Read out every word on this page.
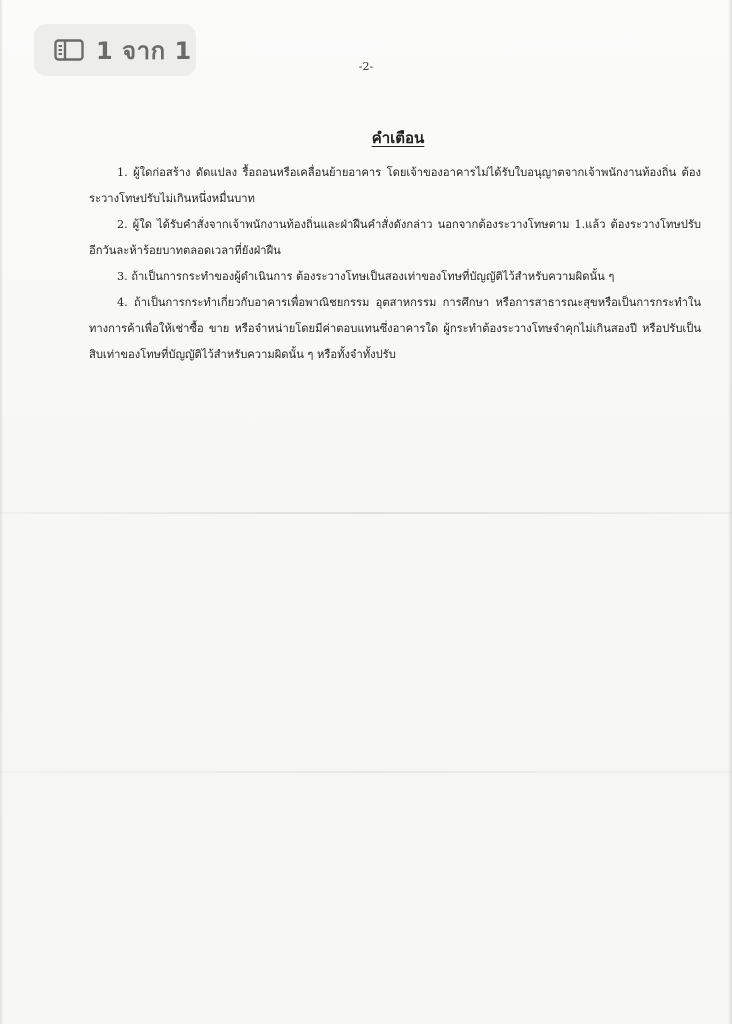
-2-
คำเตือน

1. ผู้ใดก่อสร้าง ดัดแปลง รื้อถอนหรือเคลื่อนย้ายอาคาร โดยเจ้าของอาคารไม่ได้รับใบอนุญาตจากเจ้าพนักงานท้องถิ่น ต้องระวางโทษปรับไม่เกินหนึ่งหมื่นบาท

2. ผู้ใด ได้รับคำสั่งจากเจ้าพนักงานท้องถิ่นและฝ่าฝืนคำสั่งดังกล่าว นอกจากต้องระวางโทษตาม 1.แล้ว ต้องระวางโทษปรับอีกวันละห้าร้อยบาทตลอดเวลาที่ยังฝ่าฝืน

3. ถ้าเป็นการกระทำของผู้ดำเนินการ ต้องระวางโทษเป็นสองเท่าของโทษที่บัญญัติไว้สำหรับความผิดนั้น ๆ

4. ถ้าเป็นการกระทำเกี่ยวกับอาคารเพื่อพาณิชยกรรม อุตสาหกรรม การศึกษา หรือการสาธารณะสุขหรือเป็นการกระทำในทางการค้าเพื่อให้เช่าซื้อ ขาย หรือจำหน่ายโดยมีค่าตอบแทนซึ่งอาคารใด ผู้กระทำต้องระวางโทษจำคุกไม่เกินสองปี หรือปรับเป็นสิบเท่าของโทษที่บัญญัติไว้สำหรับความผิดนั้น ๆ หรือทั้งจำทั้งปรับ

1 จาก 1
